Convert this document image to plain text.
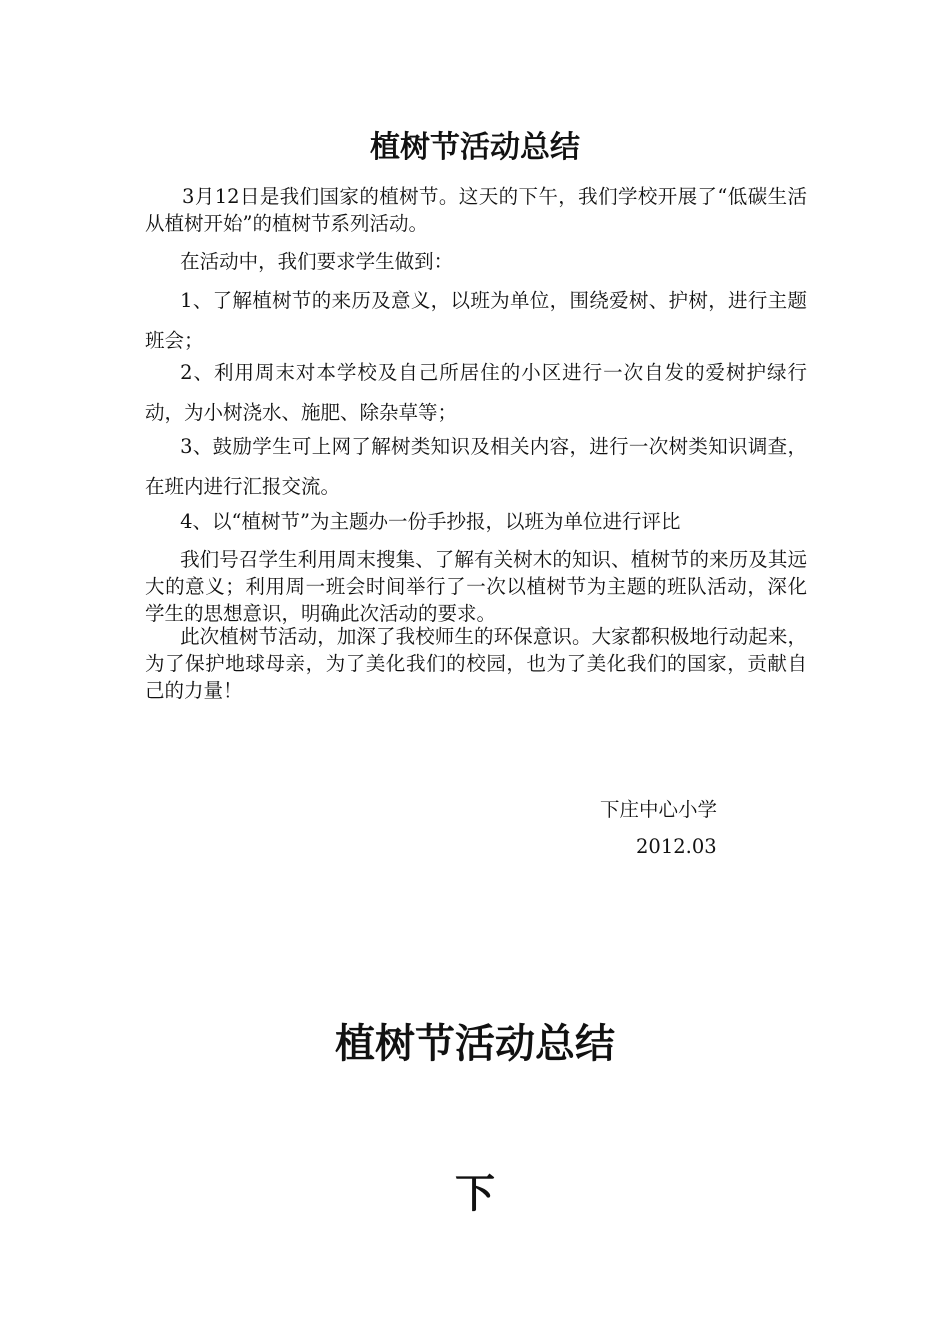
植树节活动总结

3月12日是我们国家的植树节。这天的下午，我们学校开展了“低碳生活从植树开始”的植树节系列活动。

在活动中，我们要求学生做到：

1、了解植树节的来历及意义，以班为单位，围绕爱树、护树，进行主题班会；

2、利用周末对本学校及自己所居住的小区进行一次自发的爱树护绿行动，为小树浇水、施肥、除杂草等；

3、鼓励学生可上网了解树类知识及相关内容，进行一次树类知识调查，在班内进行汇报交流。

4、以“植树节”为主题办一份手抄报，以班为单位进行评比

我们号召学生利用周末搜集、了解有关树木的知识、植树节的来历及其远大的意义；利用周一班会时间举行了一次以植树节为主题的班队活动，深化学生的思想意识，明确此次活动的要求。

此次植树节活动，加深了我校师生的环保意识。大家都积极地行动起来，为了保护地球母亲，为了美化我们的校园，也为了美化我们的国家，贡献自己的力量！

下庄中心小学
2012.03
植树节活动总结
下
